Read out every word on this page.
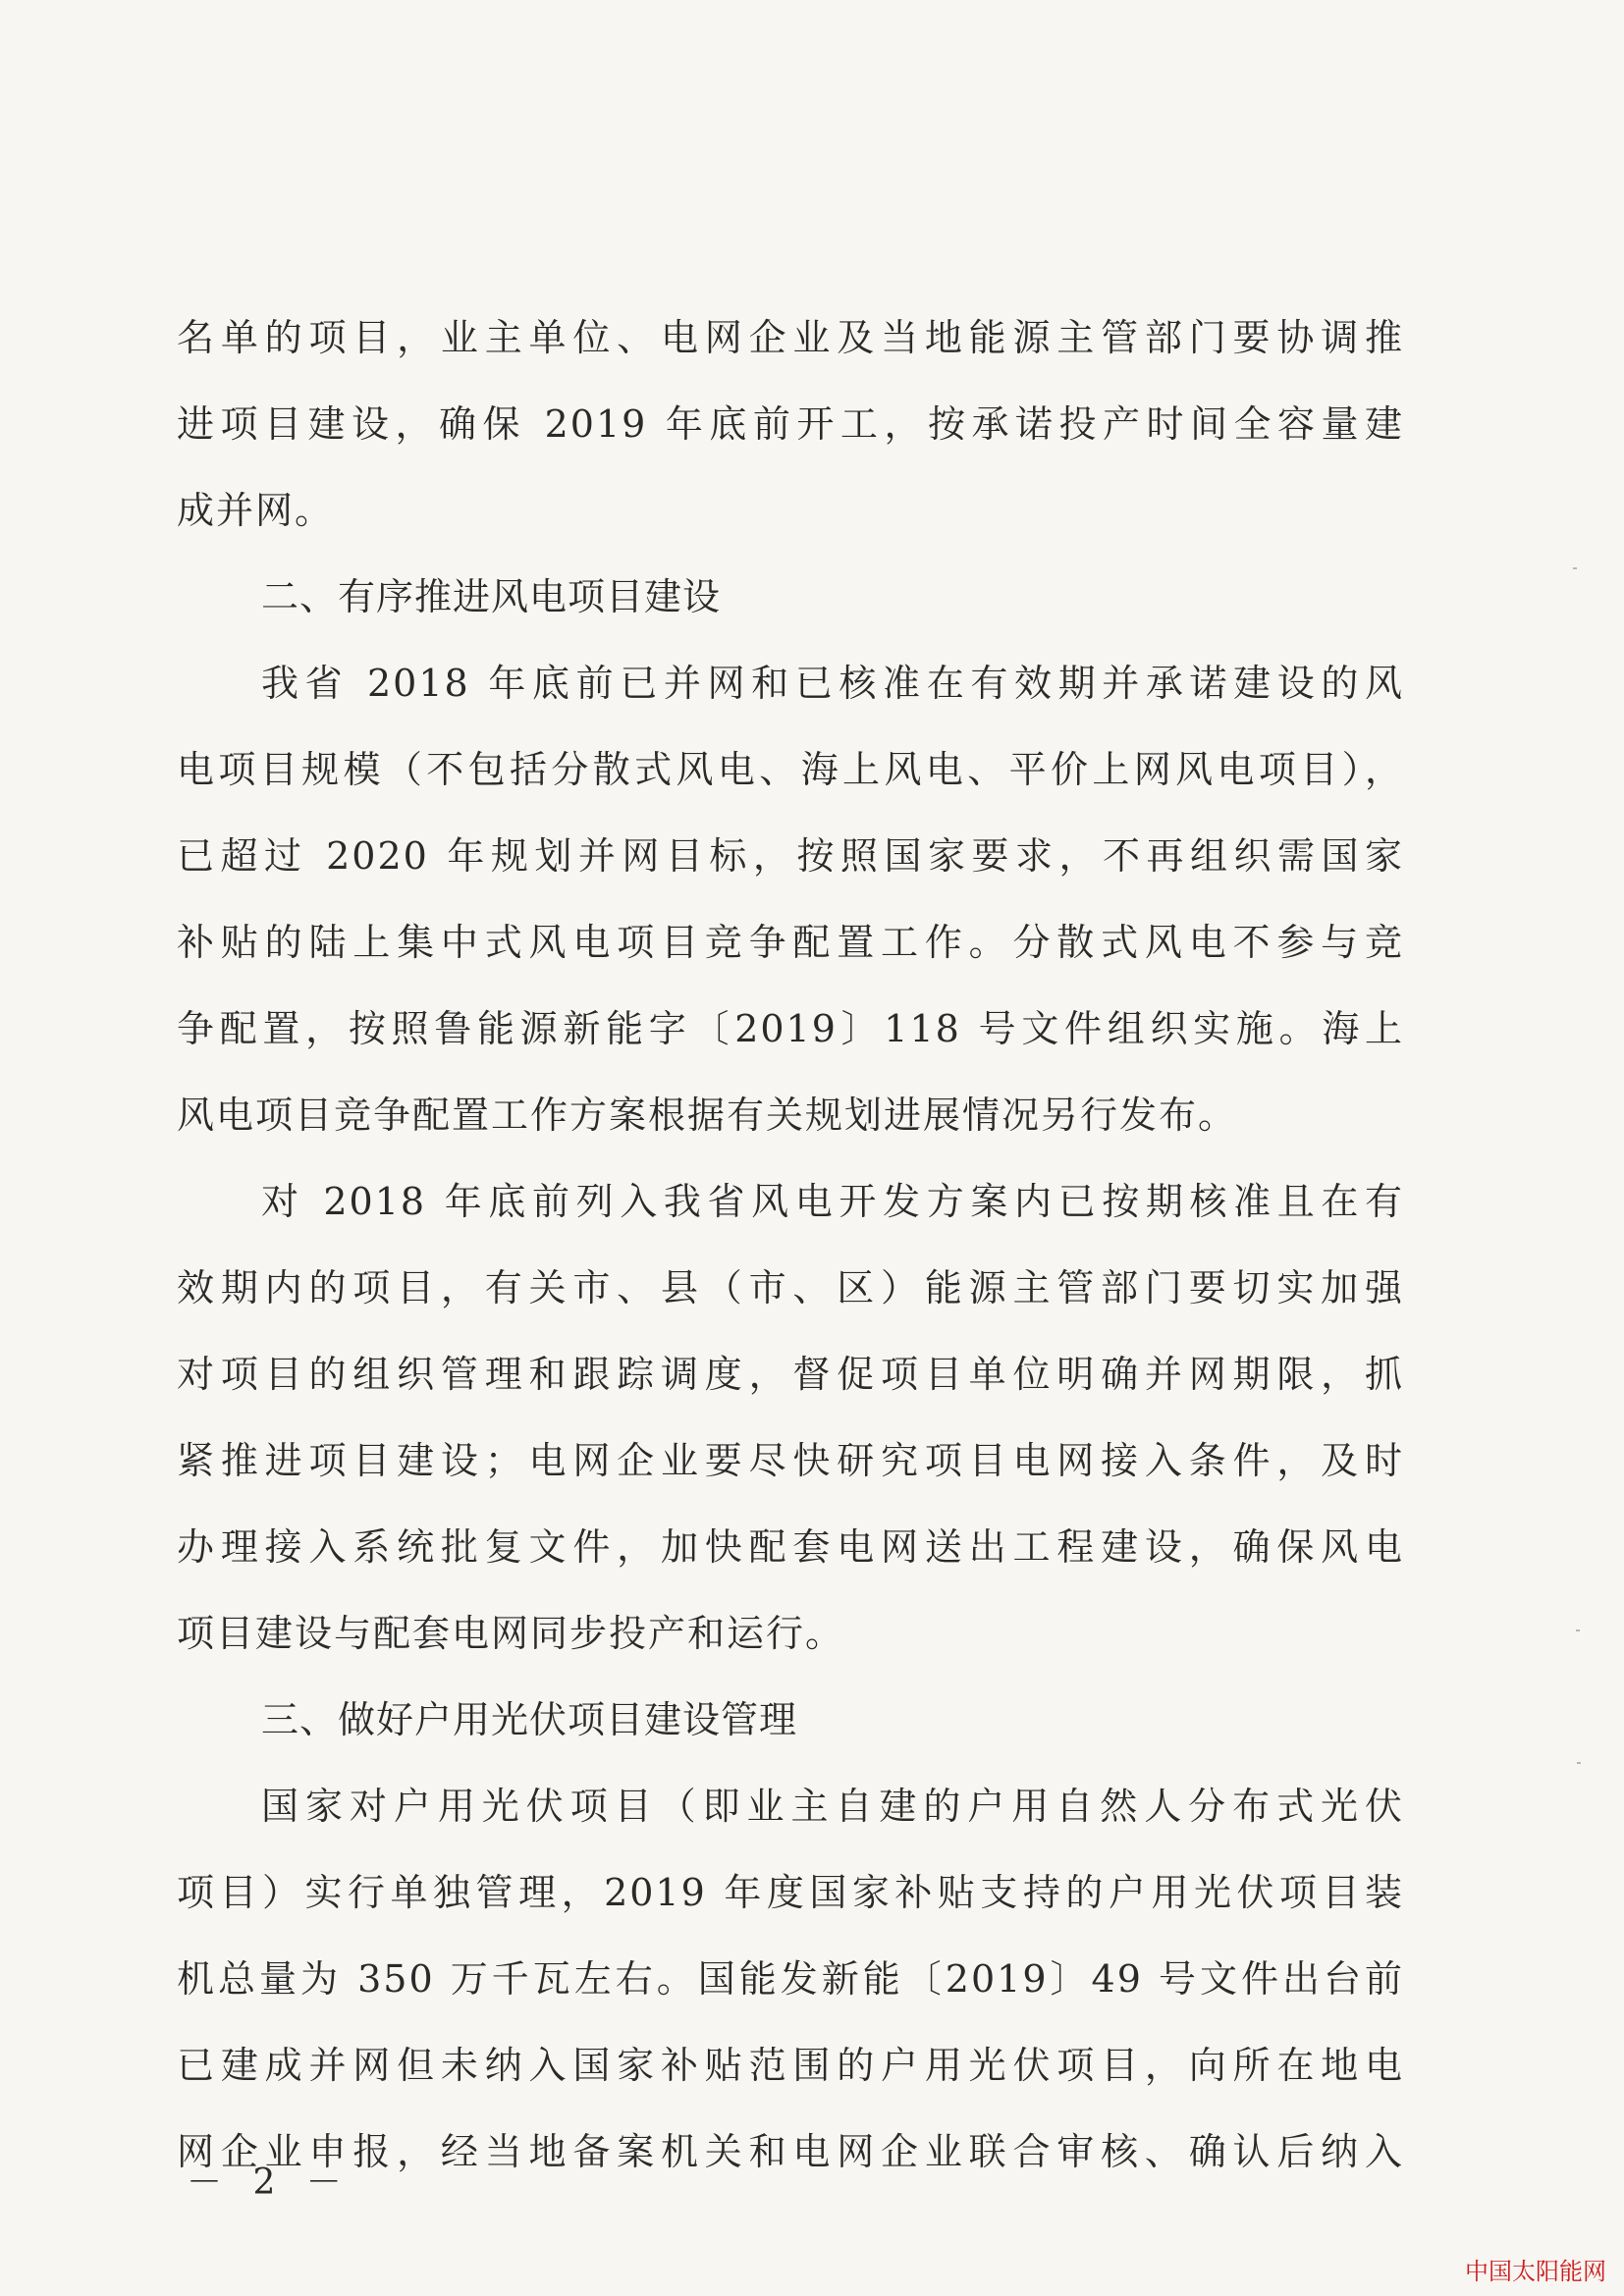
名单的项目，业主单位、电网企业及当地能源主管部门要协调推
进项目建设，确保 2019 年底前开工，按承诺投产时间全容量建
成并网。
二、有序推进风电项目建设
我省 2018 年底前已并网和已核准在有效期并承诺建设的风
电项目规模（不包括分散式风电、海上风电、平价上网风电项目），
已超过 2020 年规划并网目标，按照国家要求，不再组织需国家
补贴的陆上集中式风电项目竞争配置工作。分散式风电不参与竞
争配置，按照鲁能源新能字〔2019〕118 号文件组织实施。海上
风电项目竞争配置工作方案根据有关规划进展情况另行发布。
对 2018 年底前列入我省风电开发方案内已按期核准且在有
效期内的项目，有关市、县（市、区）能源主管部门要切实加强
对项目的组织管理和跟踪调度，督促项目单位明确并网期限，抓
紧推进项目建设；电网企业要尽快研究项目电网接入条件，及时
办理接入系统批复文件，加快配套电网送出工程建设，确保风电
项目建设与配套电网同步投产和运行。
三、做好户用光伏项目建设管理
国家对户用光伏项目（即业主自建的户用自然人分布式光伏
项目）实行单独管理，2019 年度国家补贴支持的户用光伏项目装
机总量为 350 万千瓦左右。国能发新能〔2019〕49 号文件出台前
已建成并网但未纳入国家补贴范围的户用光伏项目，向所在地电
网企业申报，经当地备案机关和电网企业联合审核、确认后纳入
－ 2 －
中国太阳能网
